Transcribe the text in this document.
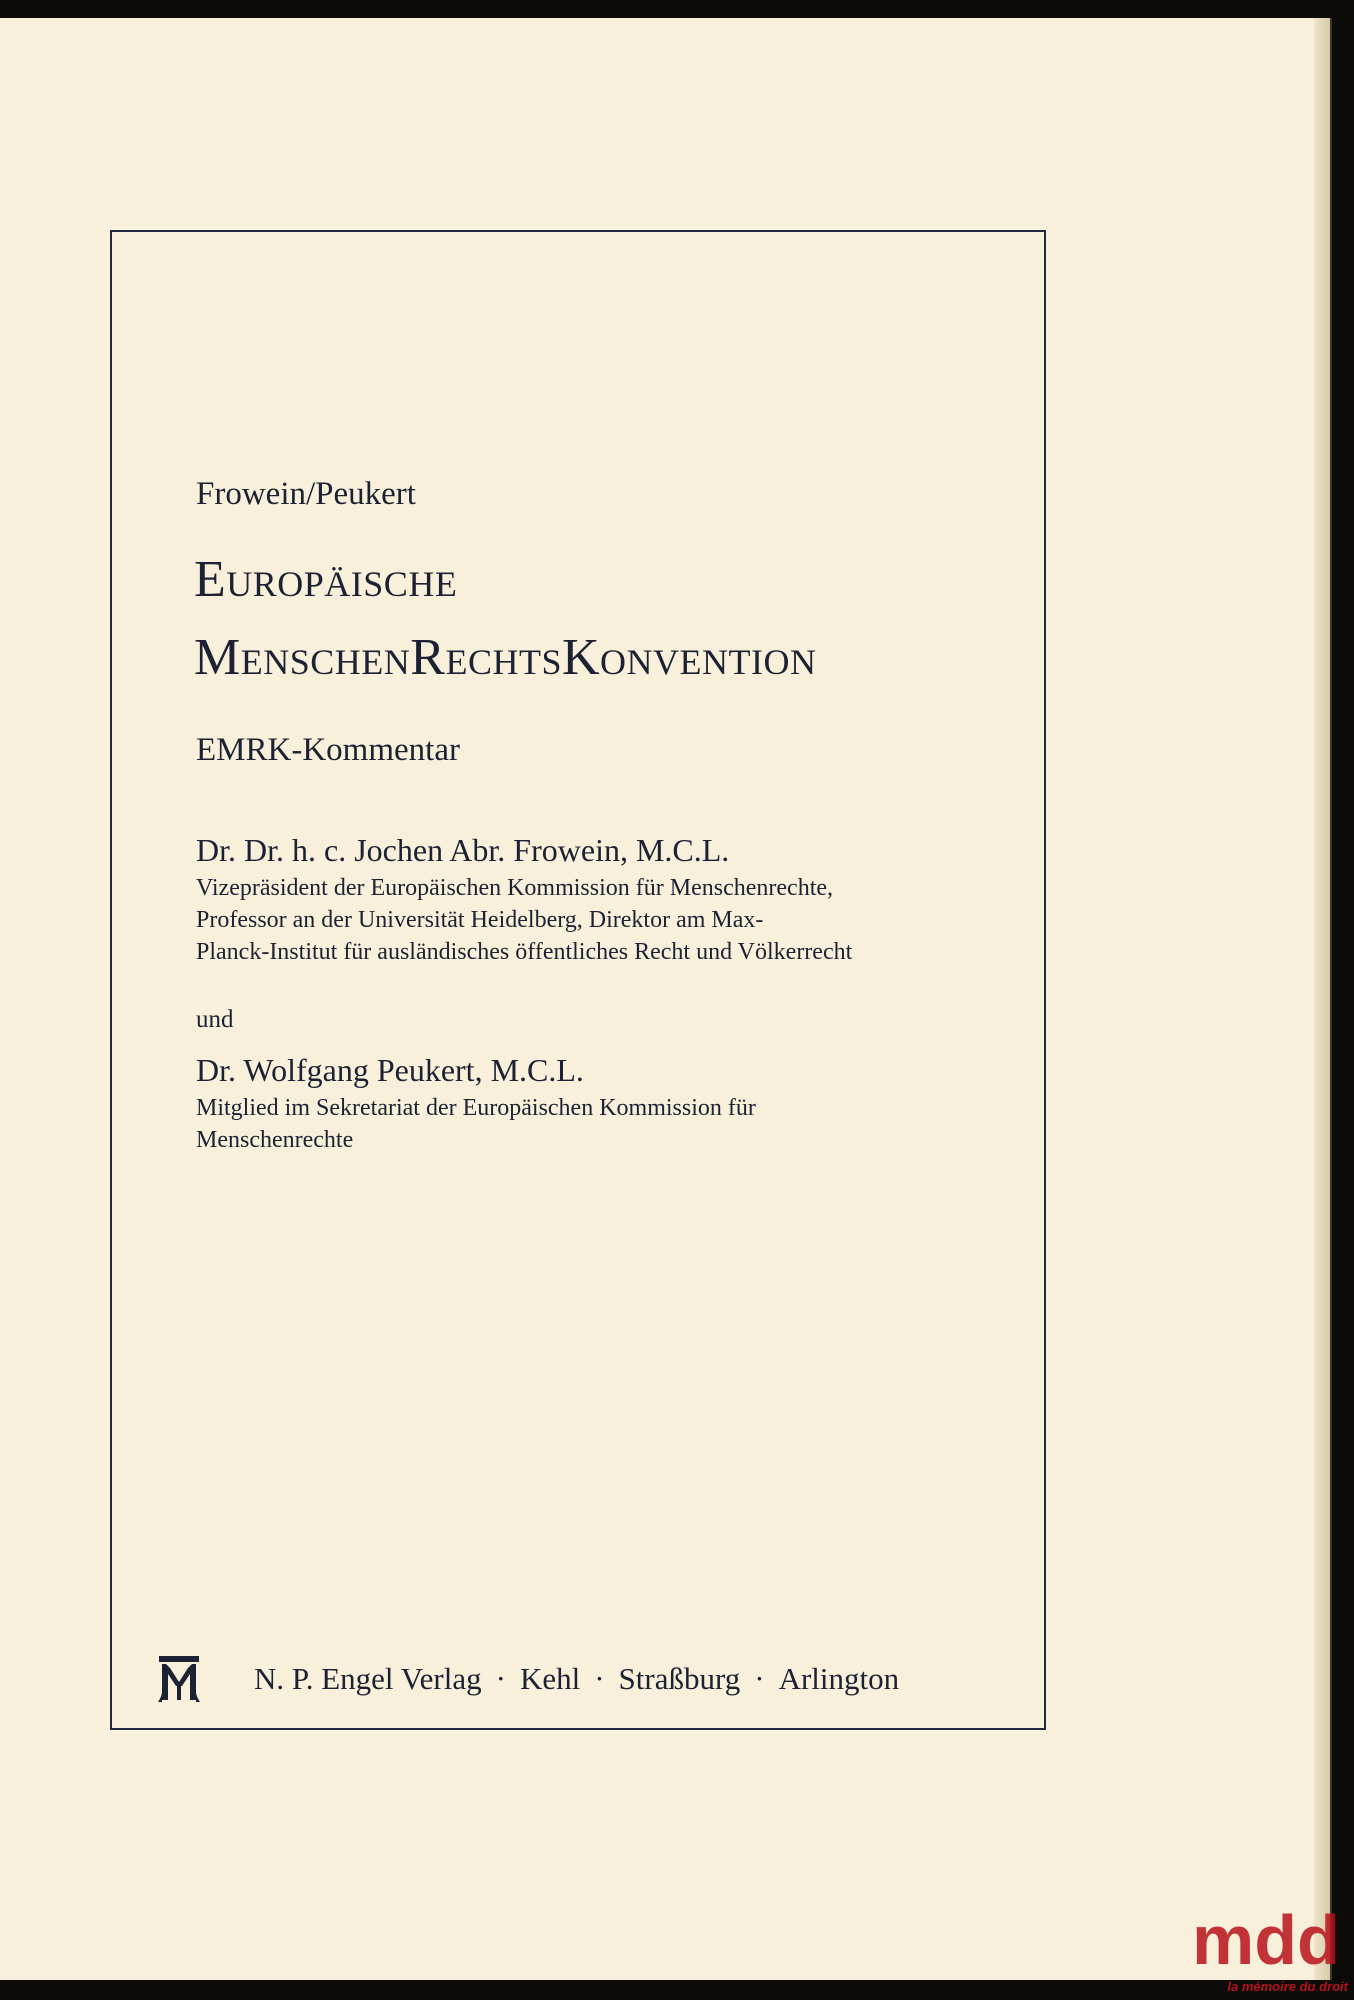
Frowein/Peukert
EUROPÄISCHE
MENSCHENRECHTSKONVENTION
EMRK-Kommentar
Dr. Dr. h. c. Jochen Abr. Frowein, M.C.L.
Vizepräsident der Europäischen Kommission für Menschenrechte,
Professor an der Universität Heidelberg, Direktor am Max-
Planck-Institut für ausländisches öffentliches Recht und Völkerrecht
und
Dr. Wolfgang Peukert, M.C.L.
Mitglied im Sekretariat der Europäischen Kommission für
Menschenrechte
N. P. Engel Verlag · Kehl · Straßburg · Arlington
mdd
la mémoire du droit
